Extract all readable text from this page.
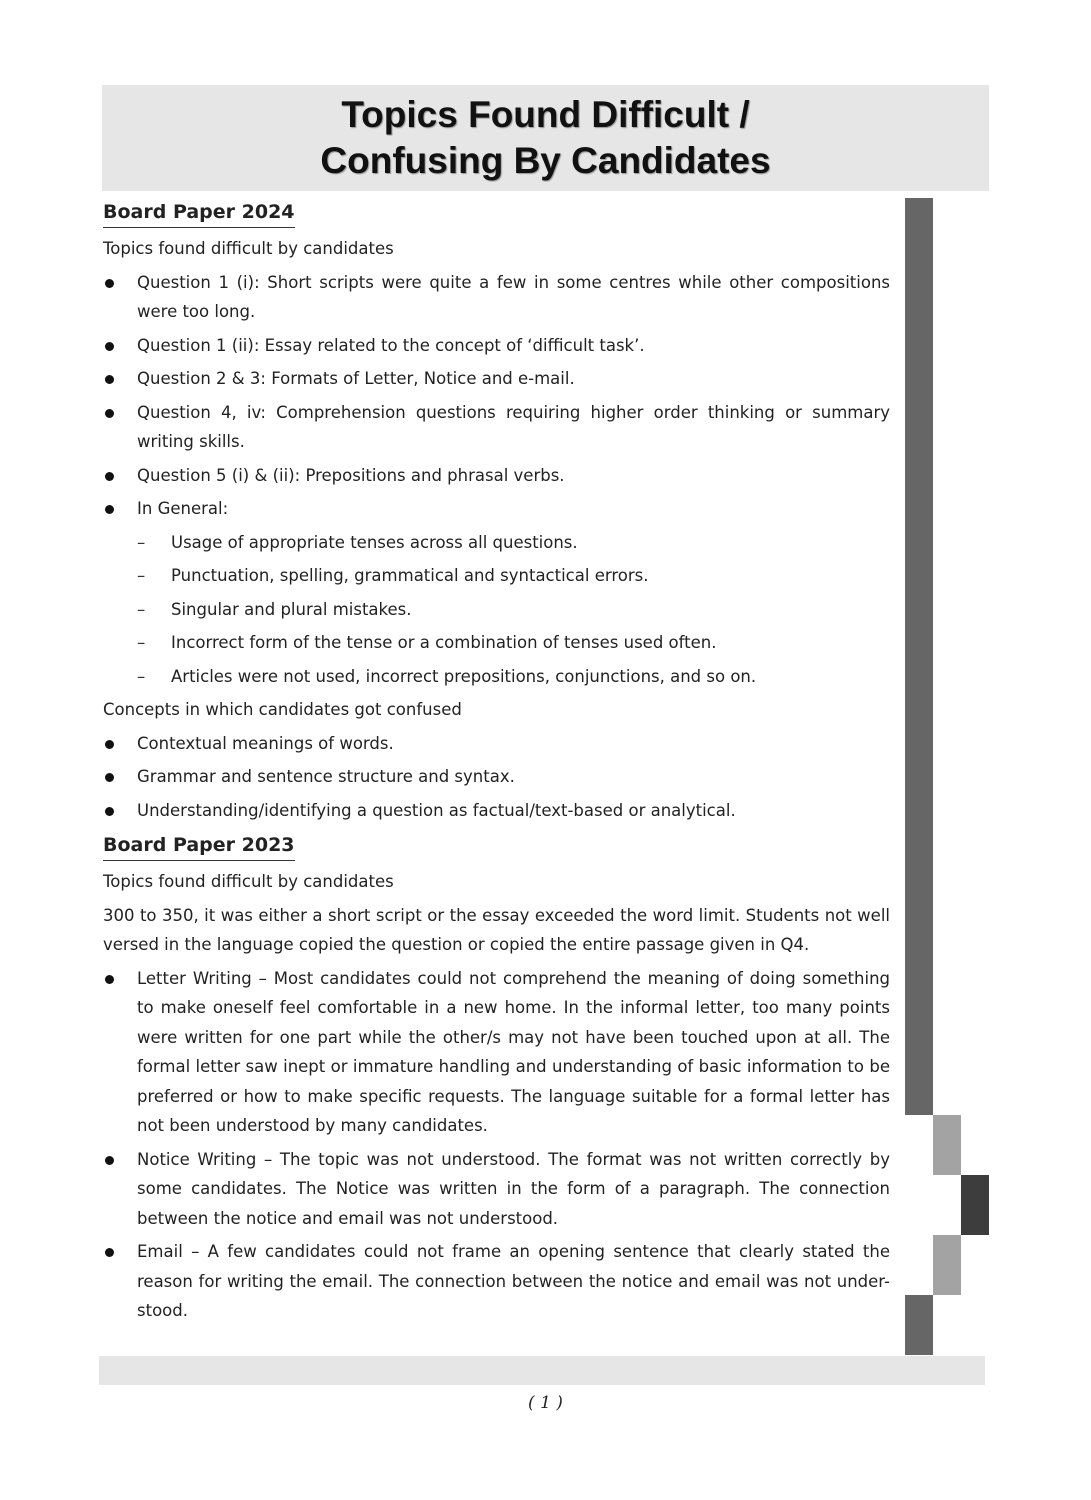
Topics Found Difficult /
Confusing By Candidates
Board Paper 2024

Topics found difficult by candidates

Question 1 (i): Short scripts were quite a few in some centres while other compositions were too long.
Question 1 (ii): Essay related to the concept of ‘difficult task’.
Question 2 & 3: Formats of Letter, Notice and e-mail.
Question 4, iv: Comprehension questions requiring higher order thinking or summary writing skills.
Question 5 (i) & (ii): Prepositions and phrasal verbs.
In General:
– Usage of appropriate tenses across all questions.
– Punctuation, spelling, grammatical and syntactical errors.
– Singular and plural mistakes.
– Incorrect form of the tense or a combination of tenses used often.
– Articles were not used, incorrect prepositions, conjunctions, and so on.

Concepts in which candidates got confused

Contextual meanings of words.
Grammar and sentence structure and syntax.
Understanding/identifying a question as factual/text-based or analytical.
Board Paper 2023

Topics found difficult by candidates

300 to 350, it was either a short script or the essay exceeded the word limit. Students not well versed in the language copied the question or copied the entire passage given in Q4.

Letter Writing – Most candidates could not comprehend the meaning of doing something to make oneself feel comfortable in a new home. In the informal letter, too many points were written for one part while the other/s may not have been touched upon at all. The formal letter saw inept or immature handling and understanding of basic information to be preferred or how to make specific requests. The language suitable for a formal letter has not been understood by many candidates.
Notice Writing – The topic was not understood. The format was not written correctly by some candidates. The Notice was written in the form of a paragraph. The connection between the notice and email was not understood.
Email – A few candidates could not frame an opening sentence that clearly stated the reason for writing the email. The connection between the notice and email was not under-stood.
( 1 )
